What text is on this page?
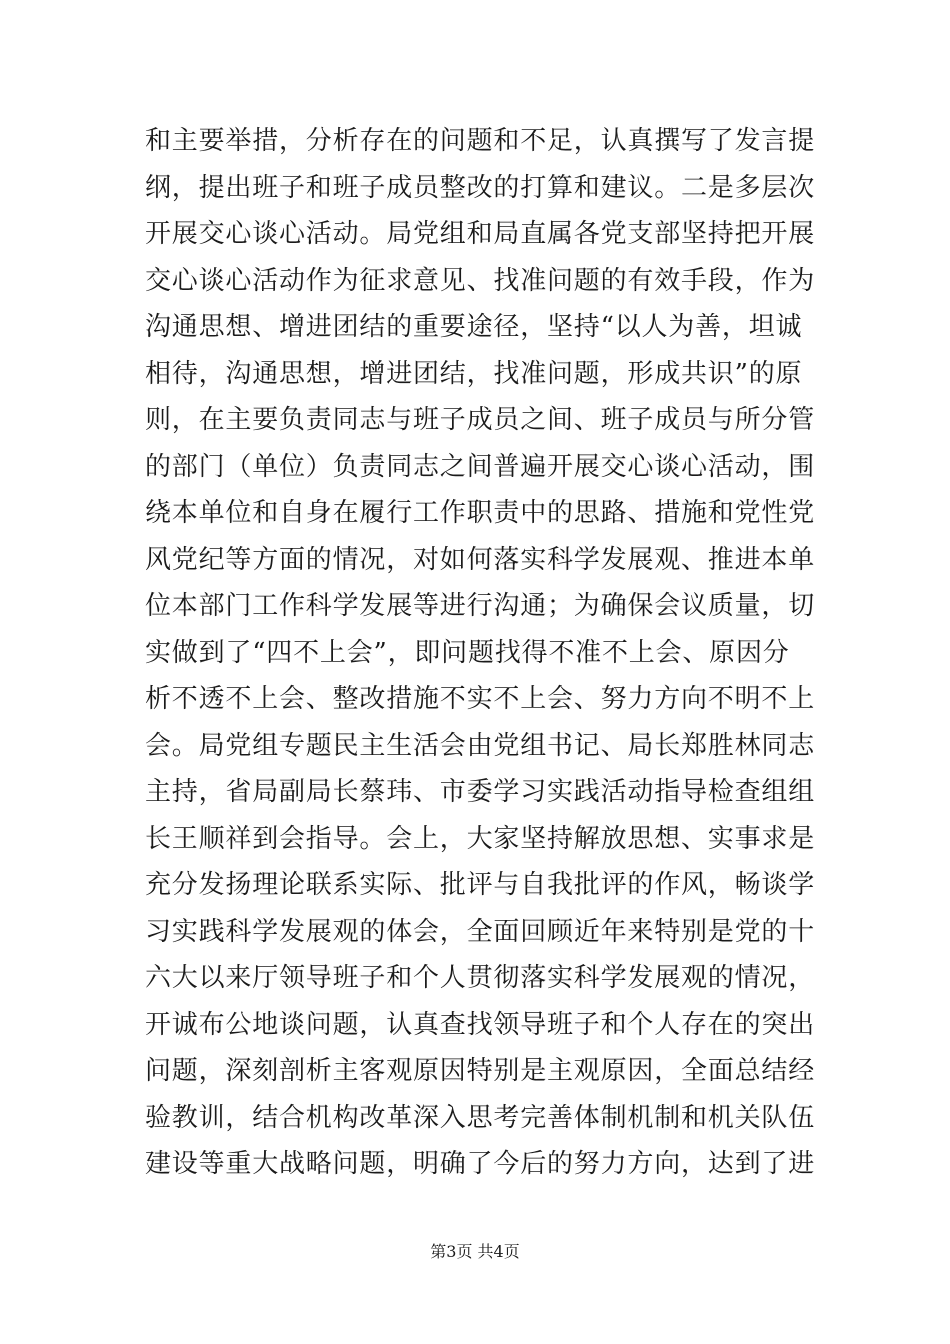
和主要举措，分析存在的问题和不足，认真撰写了发言提
纲，提出班子和班子成员整改的打算和建议。二是多层次
开展交心谈心活动。局党组和局直属各党支部坚持把开展
交心谈心活动作为征求意见、找准问题的有效手段，作为
沟通思想、增进团结的重要途径，坚持“以人为善，坦诚
相待，沟通思想，增进团结，找准问题，形成共识”的原
则，在主要负责同志与班子成员之间、班子成员与所分管
的部门（单位）负责同志之间普遍开展交心谈心活动，围
绕本单位和自身在履行工作职责中的思路、措施和党性党
风党纪等方面的情况，对如何落实科学发展观、推进本单
位本部门工作科学发展等进行沟通；为确保会议质量，切
实做到了“四不上会”，即问题找得不准不上会、原因分
析不透不上会、整改措施不实不上会、努力方向不明不上
会。局党组专题民主生活会由党组书记、局长郑胜林同志
主持，省局副局长蔡玮、市委学习实践活动指导检查组组
长王顺祥到会指导。会上，大家坚持解放思想、实事求是
充分发扬理论联系实际、批评与自我批评的作风，畅谈学
习实践科学发展观的体会，全面回顾近年来特别是党的十
六大以来厅领导班子和个人贯彻落实科学发展观的情况，
开诚布公地谈问题，认真查找领导班子和个人存在的突出
问题，深刻剖析主客观原因特别是主观原因，全面总结经
验教训，结合机构改革深入思考完善体制机制和机关队伍
建设等重大战略问题，明确了今后的努力方向，达到了进
第3页 共4页
